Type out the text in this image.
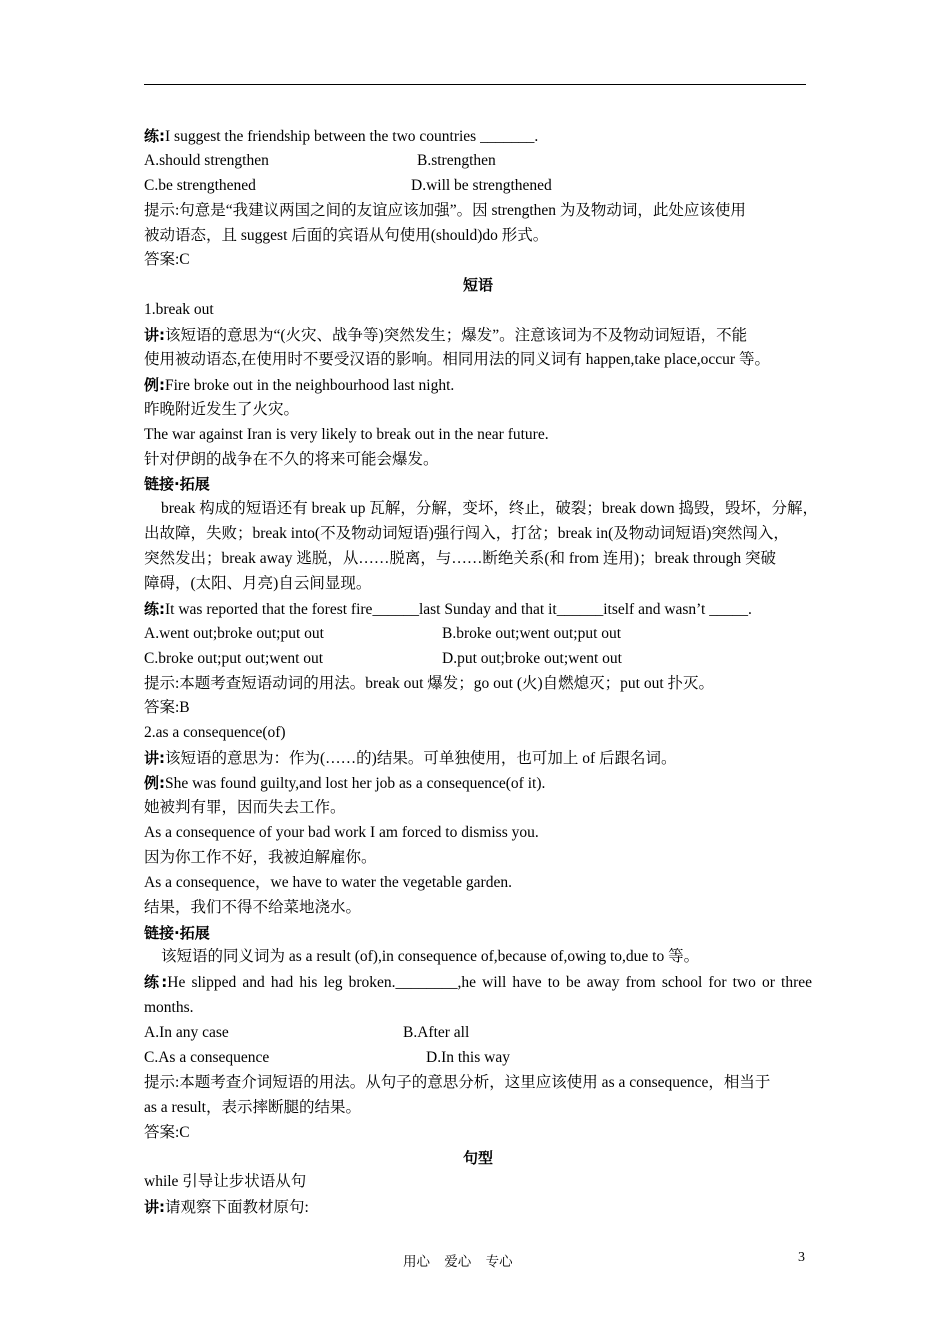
练:I suggest the friendship between the two countries _______.
A.should strengthen	B.strengthen
C.be strengthened	D.will be strengthened
提示:句意是“我建议两国之间的友谊应该加强”。因 strengthen 为及物动词，此处应该使用
被动语态，且 suggest 后面的宾语从句使用(should)do 形式。
答案:C
短语
1.break out
讲:该短语的意思为“(火灾、战争等)突然发生；爆发”。注意该词为不及物动词短语，不能
使用被动语态,在使用时不要受汉语的影响。相同用法的同义词有 happen,take place,occur 等。
例:Fire broke out in the neighbourhood last night.
昨晚附近发生了火灾。
The war against Iran is very likely to break out in the near future.
针对伊朗的战争在不久的将来可能会爆发。
链接·拓展
break 构成的短语还有 break up 瓦解，分解，变坏，终止，破裂；break down 捣毁，毁坏，分解，
出故障，失败；break into(不及物动词短语)强行闯入，打岔；break in(及物动词短语)突然闯入，
突然发出；break away 逃脱，从……脱离，与……断绝关系(和 from 连用)；break through 突破
障碍，(太阳、月亮)自云间显现。
练:It was reported that the forest fire______last Sunday and that it______itself and wasn’t _____.
A.went out;broke out;put out	B.broke out;went out;put out
C.broke out;put out;went out	D.put out;broke out;went out
提示:本题考查短语动词的用法。break out 爆发；go out (火)自燃熄灭；put out 扑灭。
答案:B
2.as a consequence(of)
讲:该短语的意思为：作为(……的)结果。可单独使用，也可加上 of 后跟名词。
例:She was found guilty,and lost her job as a consequence(of it).
她被判有罪，因而失去工作。
As a consequence of your bad work I am forced to dismiss you.
因为你工作不好，我被迫解雇你。
As a consequence，we have to water the vegetable garden.
结果，我们不得不给菜地浇水。
链接·拓展
该短语的同义词为 as a result (of),in consequence of,because of,owing to,due to 等。
练:He slipped and had his leg broken.________,he will have to be away from school for two or three months.
A.In any case	B.After all
C.As a consequence	D.In this way
提示:本题考查介词短语的用法。从句子的意思分析，这里应该使用 as a consequence，相当于
as a result，表示摔断腿的结果。
答案:C
句型
while 引导让步状语从句
讲:请观察下面教材原句:
用心 爱心 专心	3
